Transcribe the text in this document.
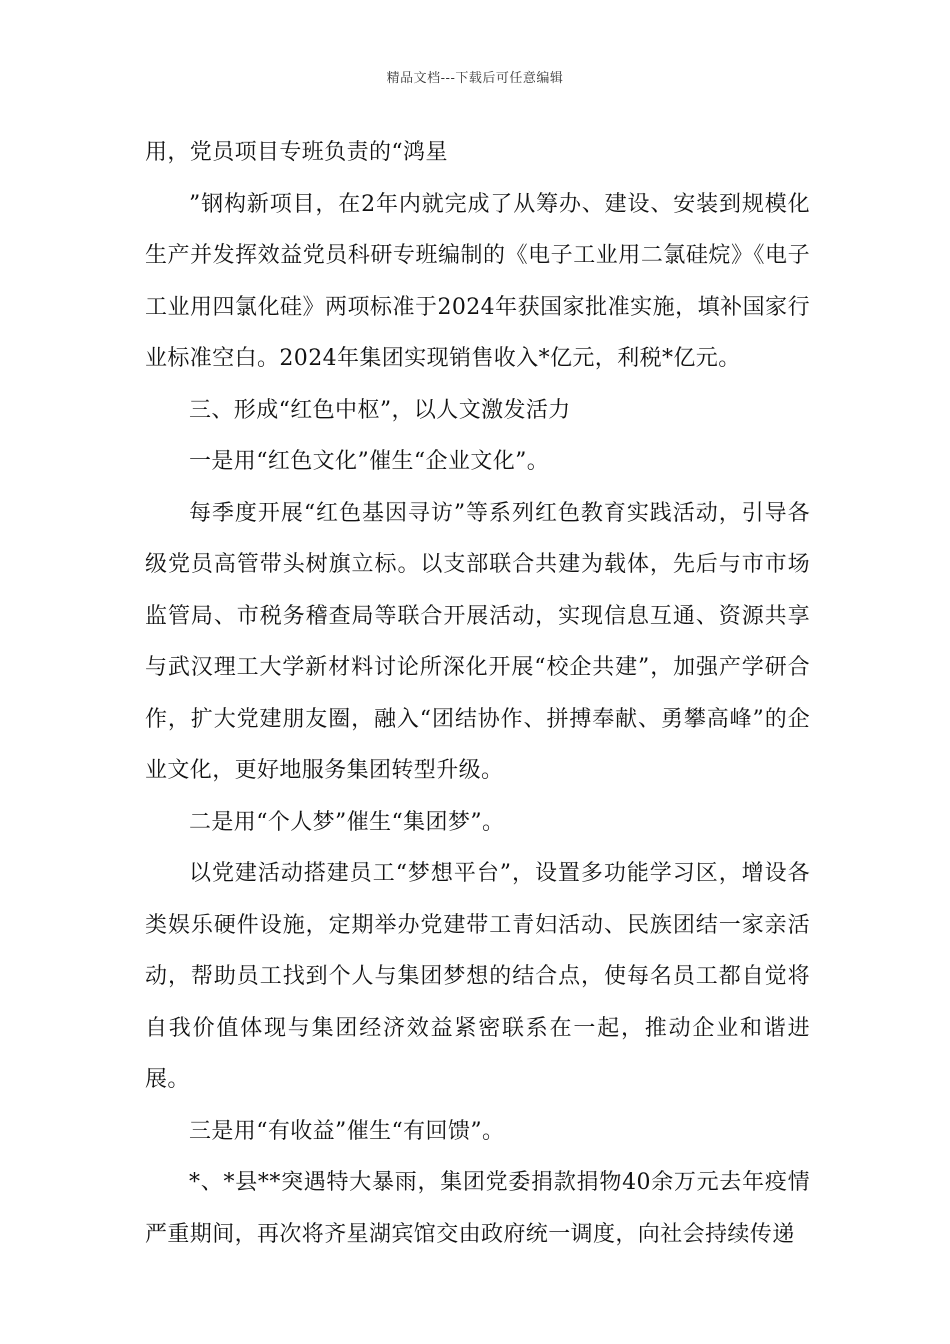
精品文档---下载后可任意编辑

用，党员项目专班负责的“鸿星

”钢构新项目，在2年内就完成了从筹办、建设、安装到规模化生产并发挥效益党员科研专班编制的《电子工业用二氯硅烷》《电子工业用四氯化硅》两项标准于2024年获国家批准实施，填补国家行业标准空白。2024年集团实现销售收入*亿元，利税*亿元。

三、形成“红色中枢”，以人文激发活力

一是用“红色文化”催生“企业文化”。

每季度开展“红色基因寻访”等系列红色教育实践活动，引导各级党员高管带头树旗立标。以支部联合共建为载体，先后与市市场监管局、市税务稽查局等联合开展活动，实现信息互通、资源共享与武汉理工大学新材料讨论所深化开展“校企共建”，加强产学研合作，扩大党建朋友圈，融入“团结协作、拼搏奉献、勇攀高峰”的企业文化，更好地服务集团转型升级。

二是用“个人梦”催生“集团梦”。

以党建活动搭建员工“梦想平台”，设置多功能学习区，增设各类娱乐硬件设施，定期举办党建带工青妇活动、民族团结一家亲活动，帮助员工找到个人与集团梦想的结合点，使每名员工都自觉将自我价值体现与集团经济效益紧密联系在一起，推动企业和谐进展。

三是用“有收益”催生“有回馈”。

*、*县**突遇特大暴雨，集团党委捐款捐物40余万元去年疫情严重期间，再次将齐星湖宾馆交由政府统一调度，向社会持续传递
